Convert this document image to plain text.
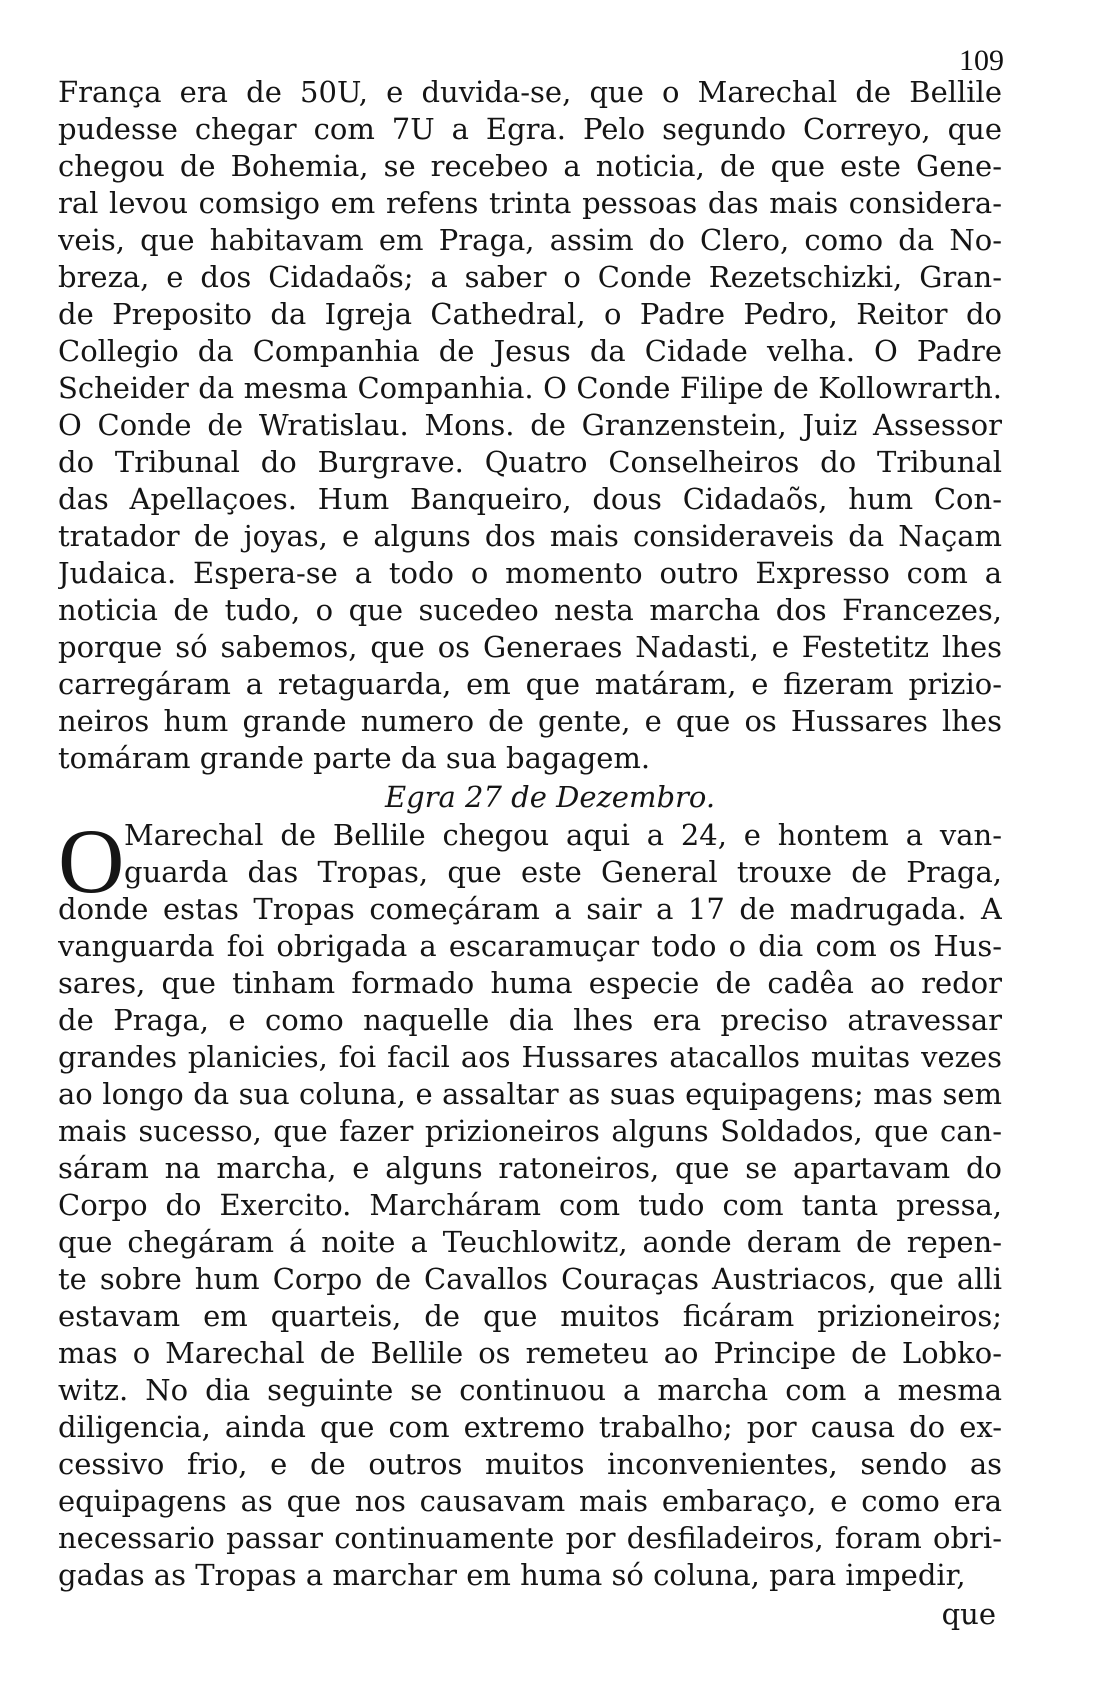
109
França era de 50U, e duvida-se, que o Marechal de Bellile
pudesse chegar com 7U a Egra. Pelo segundo Correyo, que
chegou de Bohemia, se recebeo a noticia, de que este Gene-
ral levou comsigo em refens trinta pessoas das mais considera-
veis, que habitavam em Praga, assim do Clero, como da No-
breza, e dos Cidadaõs; a saber o Conde Rezetschizki, Gran-
de Preposito da Igreja Cathedral, o Padre Pedro, Reitor do
Collegio da Companhia de Jesus da Cidade velha. O Padre
Scheider da mesma Companhia. O Conde Filipe de Kollowrarth.
O Conde de Wratislau. Mons. de Granzenstein, Juiz Assessor
do Tribunal do Burgrave. Quatro Conselheiros do Tribunal
das Apellaçoes. Hum Banqueiro, dous Cidadaõs, hum Con-
tratador de joyas, e alguns dos mais consideraveis da Naçam
Judaica. Espera-se a todo o momento outro Expresso com a
noticia de tudo, o que sucedeo nesta marcha dos Francezes,
porque só sabemos, que os Generaes Nadasti, e Festetitz lhes
carregáram a retaguarda, em que matáram, e fizeram prizio-
neiros hum grande numero de gente, e que os Hussares lhes
tomáram grande parte da sua bagagem.
Egra 27 de Dezembro.
O Marechal de Bellile chegou aqui a 24, e hontem a van-
guarda das Tropas, que este General trouxe de Praga,
donde estas Tropas começáram a sair a 17 de madrugada. A
vanguarda foi obrigada a escaramuçar todo o dia com os Hus-
sares, que tinham formado huma especie de cadêa ao redor
de Praga, e como naquelle dia lhes era preciso atravessar
grandes planicies, foi facil aos Hussares atacallos muitas vezes
ao longo da sua coluna, e assaltar as suas equipagens; mas sem
mais sucesso, que fazer prizioneiros alguns Soldados, que can-
sáram na marcha, e alguns ratoneiros, que se apartavam do
Corpo do Exercito. Marcháram com tudo com tanta pressa,
que chegáram á noite a Teuchlowitz, aonde deram de repen-
te sobre hum Corpo de Cavallos Couraças Austriacos, que alli
estavam em quarteis, de que muitos ficáram prizioneiros;
mas o Marechal de Bellile os remeteu ao Principe de Lobko-
witz. No dia seguinte se continuou a marcha com a mesma
diligencia, ainda que com extremo trabalho; por causa do ex-
cessivo frio, e de outros muitos inconvenientes, sendo as
equipagens as que nos causavam mais embaraço, e como era
necessario passar continuamente por desfiladeiros, foram obri-
gadas as Tropas a marchar em huma só coluna, para impedir,
que
